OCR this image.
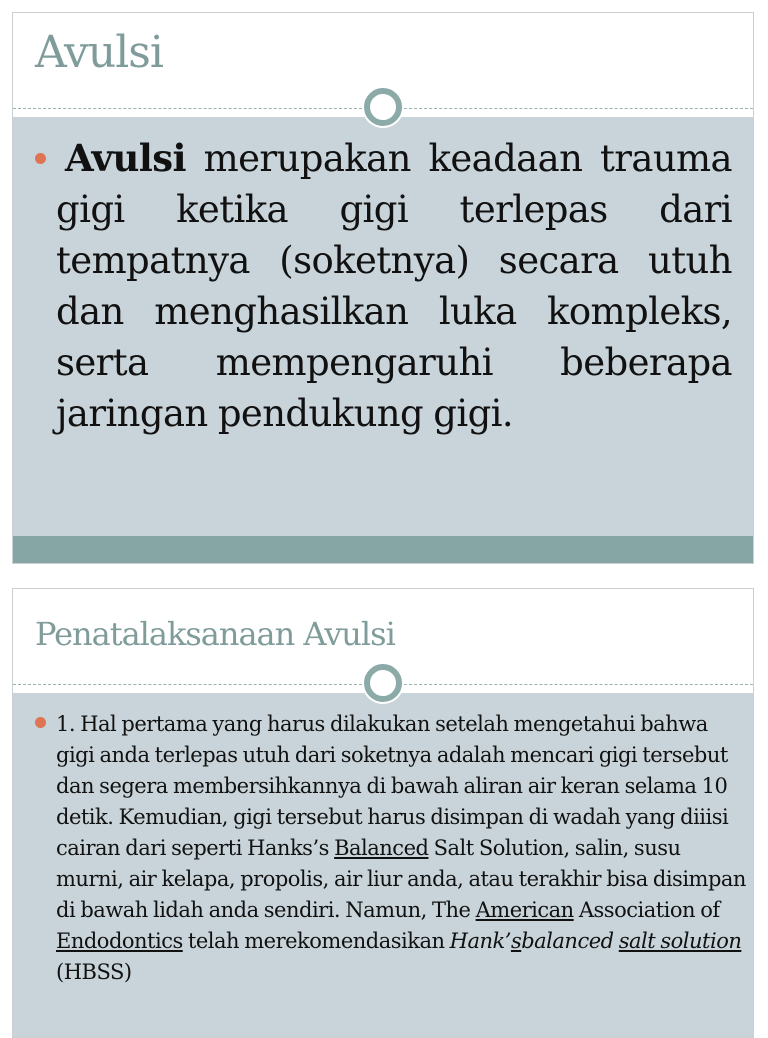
Avulsi
Avulsi merupakan keadaan trauma gigi ketika gigi terlepas dari tempatnya (soketnya) secara utuh dan menghasilkan luka kompleks, serta mempengaruhi beberapa jaringan pendukung gigi.
Penatalaksanaan Avulsi
1. Hal pertama yang harus dilakukan setelah mengetahui bahwa gigi anda terlepas utuh dari soketnya adalah mencari gigi tersebut dan segera membersihkannya di bawah aliran air keran selama 10 detik. Kemudian, gigi tersebut harus disimpan di wadah yang diiisi cairan dari seperti Hanks’s Balanced Salt Solution, salin, susu murni, air kelapa, propolis, air liur anda, atau terakhir bisa disimpan di bawah lidah anda sendiri. Namun, The American Association of Endodontics telah merekomendasikan Hank’sbalanced salt solution (HBSS)
